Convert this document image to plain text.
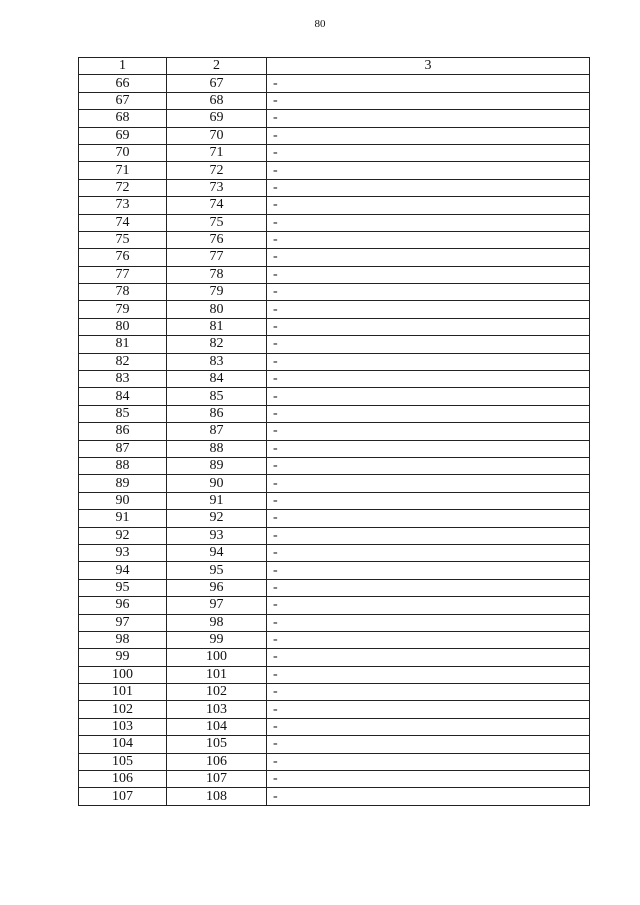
80
1	2	3
66	67	-
67	68	-
68	69	-
69	70	-
70	71	-
71	72	-
72	73	-
73	74	-
74	75	-
75	76	-
76	77	-
77	78	-
78	79	-
79	80	-
80	81	-
81	82	-
82	83	-
83	84	-
84	85	-
85	86	-
86	87	-
87	88	-
88	89	-
89	90	-
90	91	-
91	92	-
92	93	-
93	94	-
94	95	-
95	96	-
96	97	-
97	98	-
98	99	-
99	100	-
100	101	-
101	102	-
102	103	-
103	104	-
104	105	-
105	106	-
106	107	-
107	108	-
